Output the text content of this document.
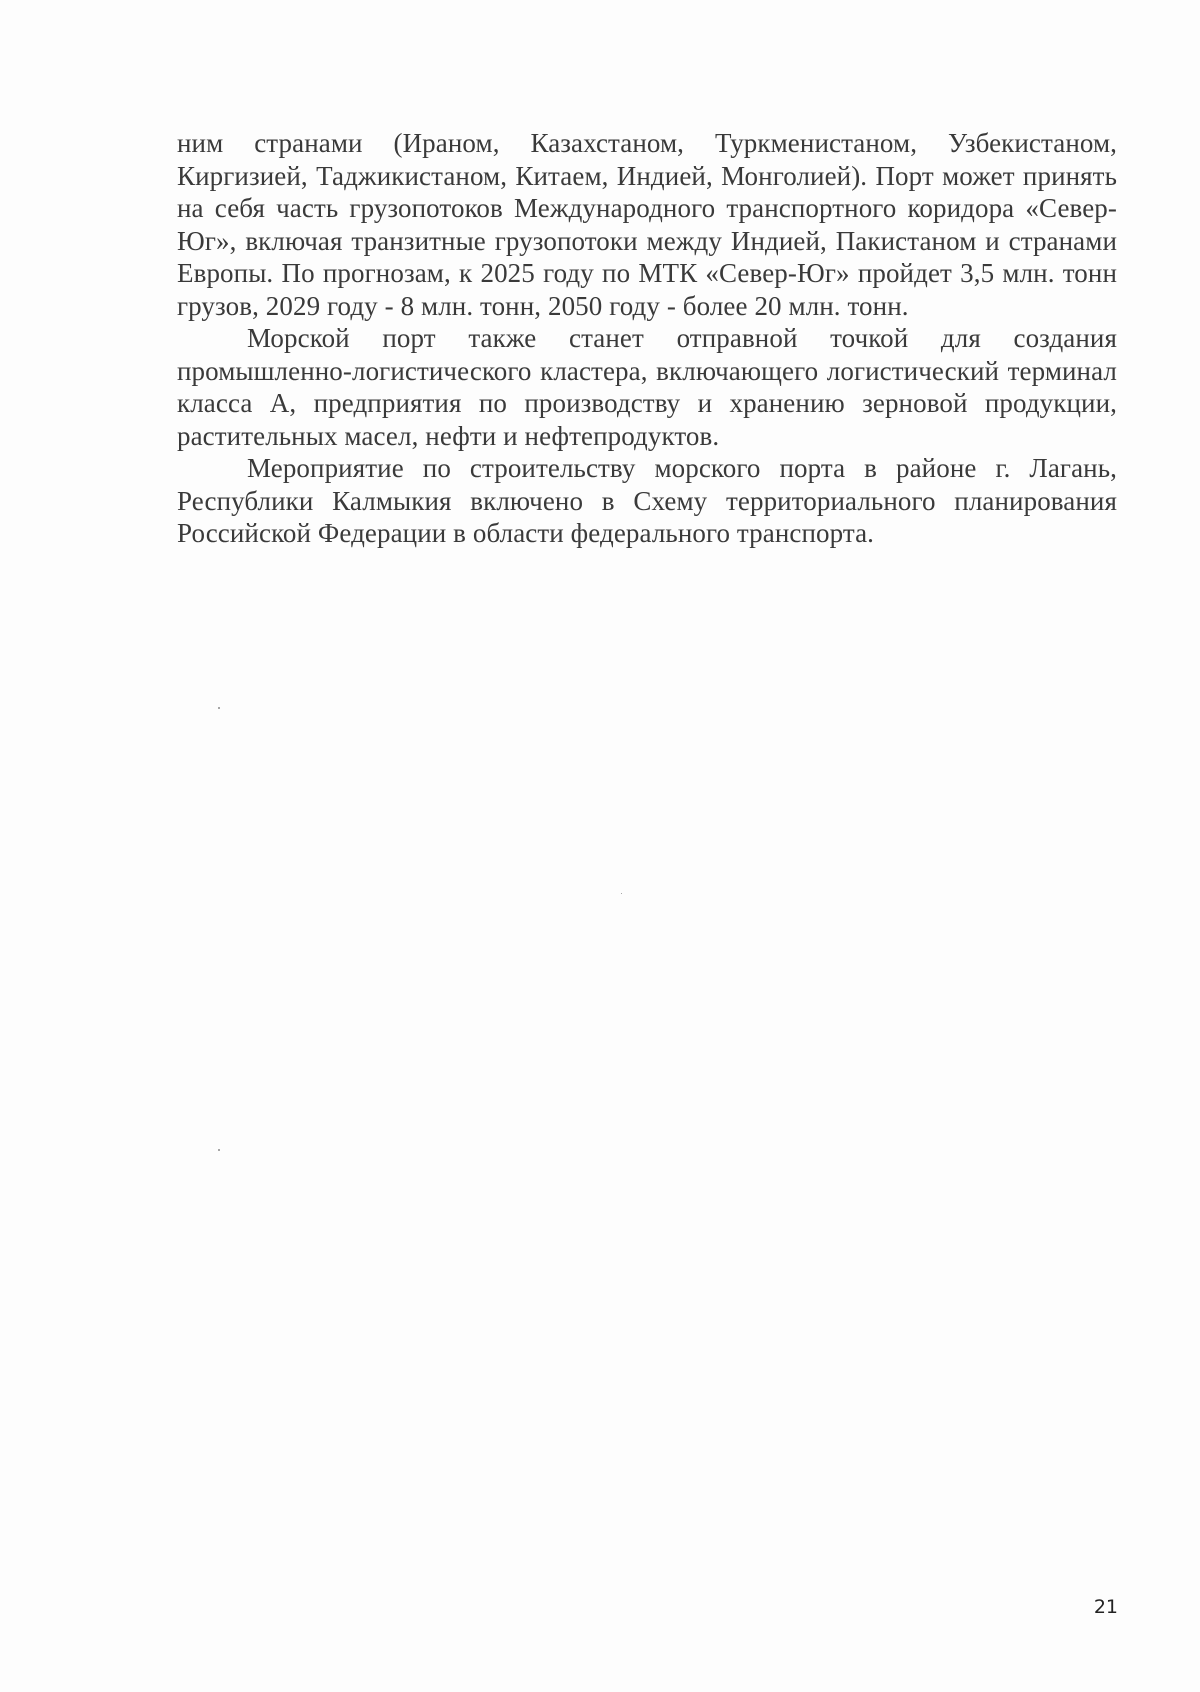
ним странами (Ираном, Казахстаном, Туркменистаном, Узбекистаном, Киргизией, Таджикистаном, Китаем, Индией, Монголией). Порт может принять на себя часть грузопотоков Международного транспортного коридора «Север-Юг», включая транзитные грузопотоки между Индией, Пакистаном и странами Европы. По прогнозам, к 2025 году по МТК «Север-Юг» пройдет 3,5 млн. тонн грузов, 2029 году - 8 млн. тонн, 2050 году - более 20 млн. тонн.

Морской порт также станет отправной точкой для создания промышленно-логистического кластера, включающего логистический терминал класса А, предприятия по производству и хранению зерновой продукции, растительных масел, нефти и нефтепродуктов.

Мероприятие по строительству морского порта в районе г. Лагань, Республики Калмыкия включено в Схему территориального планирования Российской Федерации в области федерального транспорта.

21
